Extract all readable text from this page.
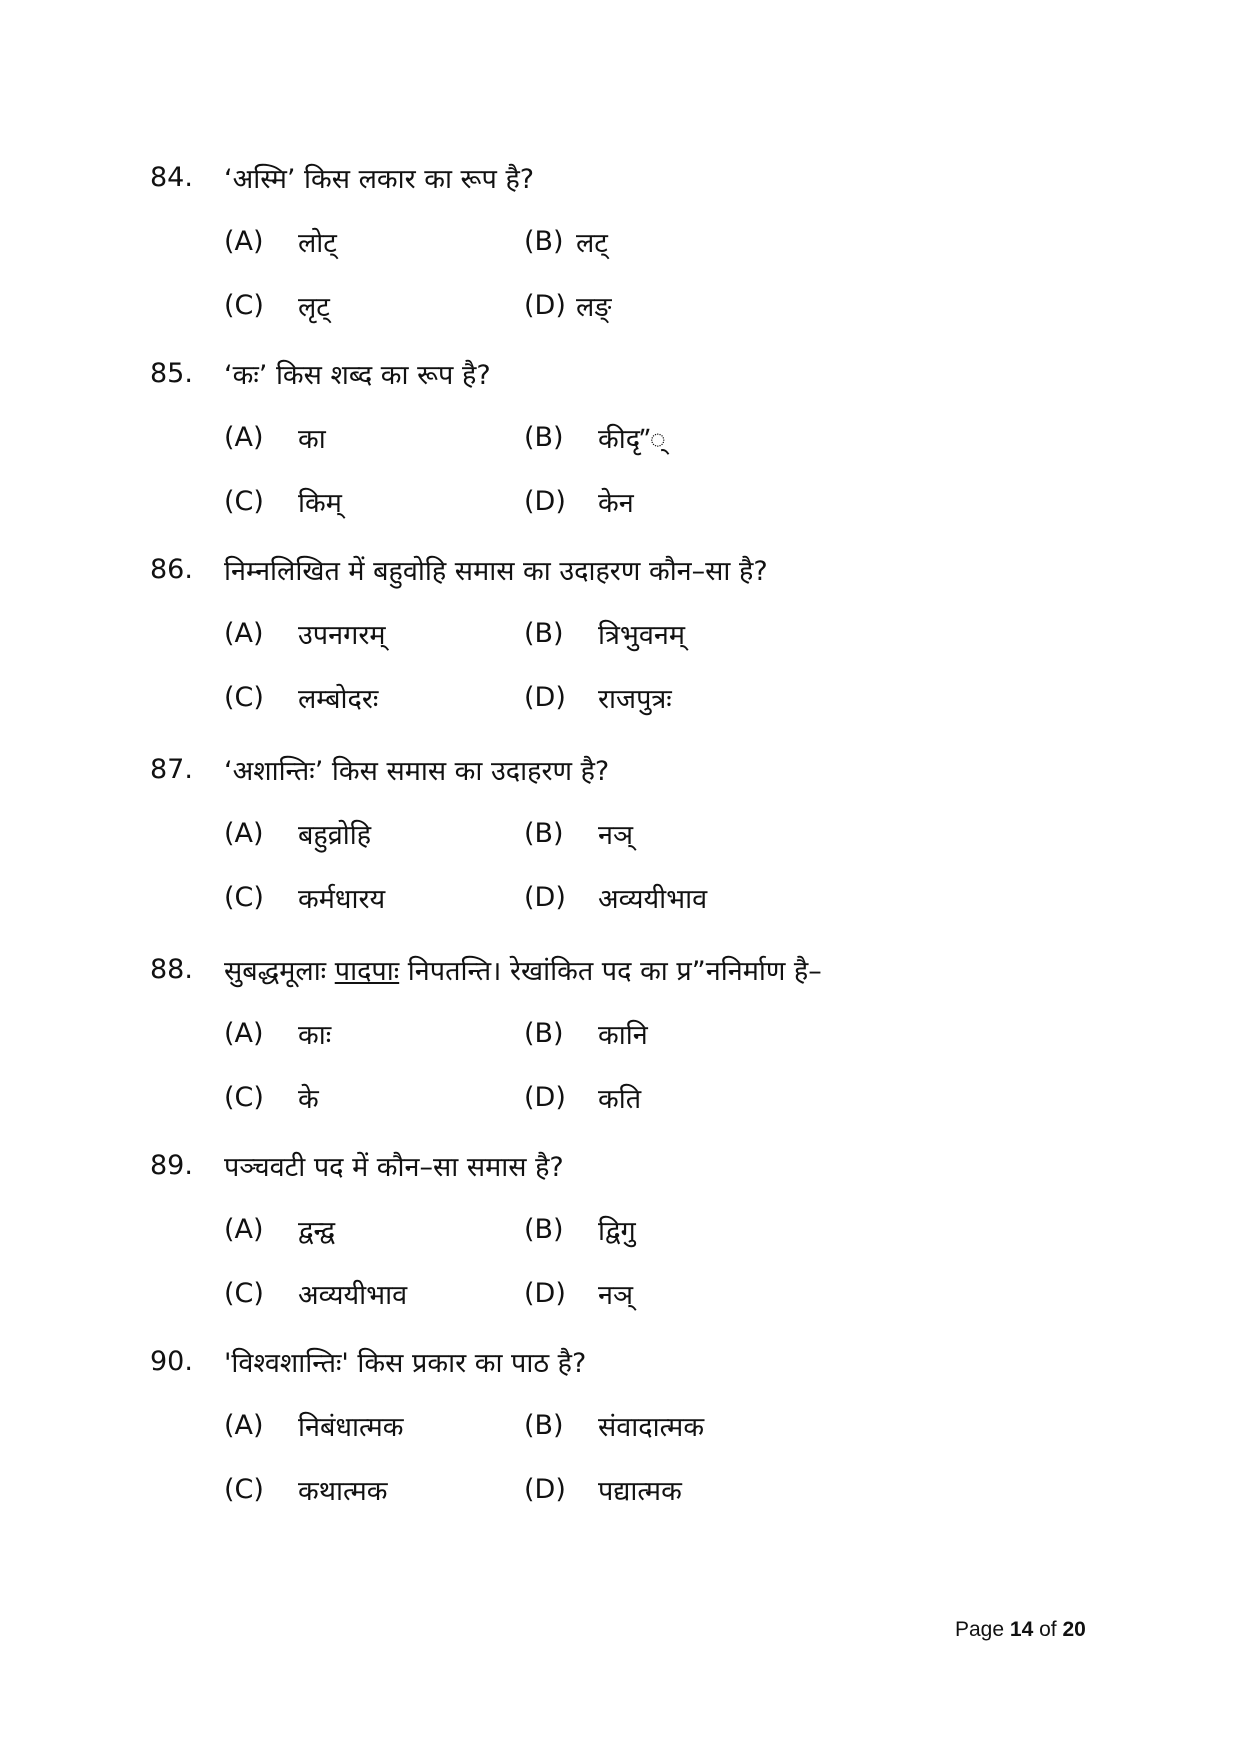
84.	‘अस्मि’ किस लकार का रूप है?
(A)	लोट्	(B) लट्
(C)	लृट्	(D) लङ्
85.	‘कः’ किस शब्द का रूप है?
(A)	का	(B)	कीदृ”‍्
(C)	किम्	(D)	केन
86.	निम्नलिखित में बहुवोहि समास का उदाहरण कौन–सा है?
(A)	उपनगरम्	(B)	त्रिभुवनम्
(C)	लम्बोदरः	(D)	राजपुत्रः
87.	‘अशान्तिः’ किस समास का उदाहरण है?
(A)	बहुव्रोहि	(B)	नञ्
(C)	कर्मधारय	(D)	अव्ययीभाव
88.	सुबद्धमूलाः पादपाः निपतन्ति। रेखांकित पद का प्र”ननिर्माण है–
(A)	काः	(B)	कानि
(C)	के	(D)	कति
89.	पञ्चवटी पद में कौन–सा समास है?
(A)	द्वन्द्व	(B)	द्विगु
(C)	अव्ययीभाव	(D)	नञ्
90.	'विश्वशान्तिः' किस प्रकार का पाठ है?
(A)	निबंधात्मक	(B)	संवादात्मक
(C)	कथात्मक	(D)	पद्यात्मक
Page 14 of 20
